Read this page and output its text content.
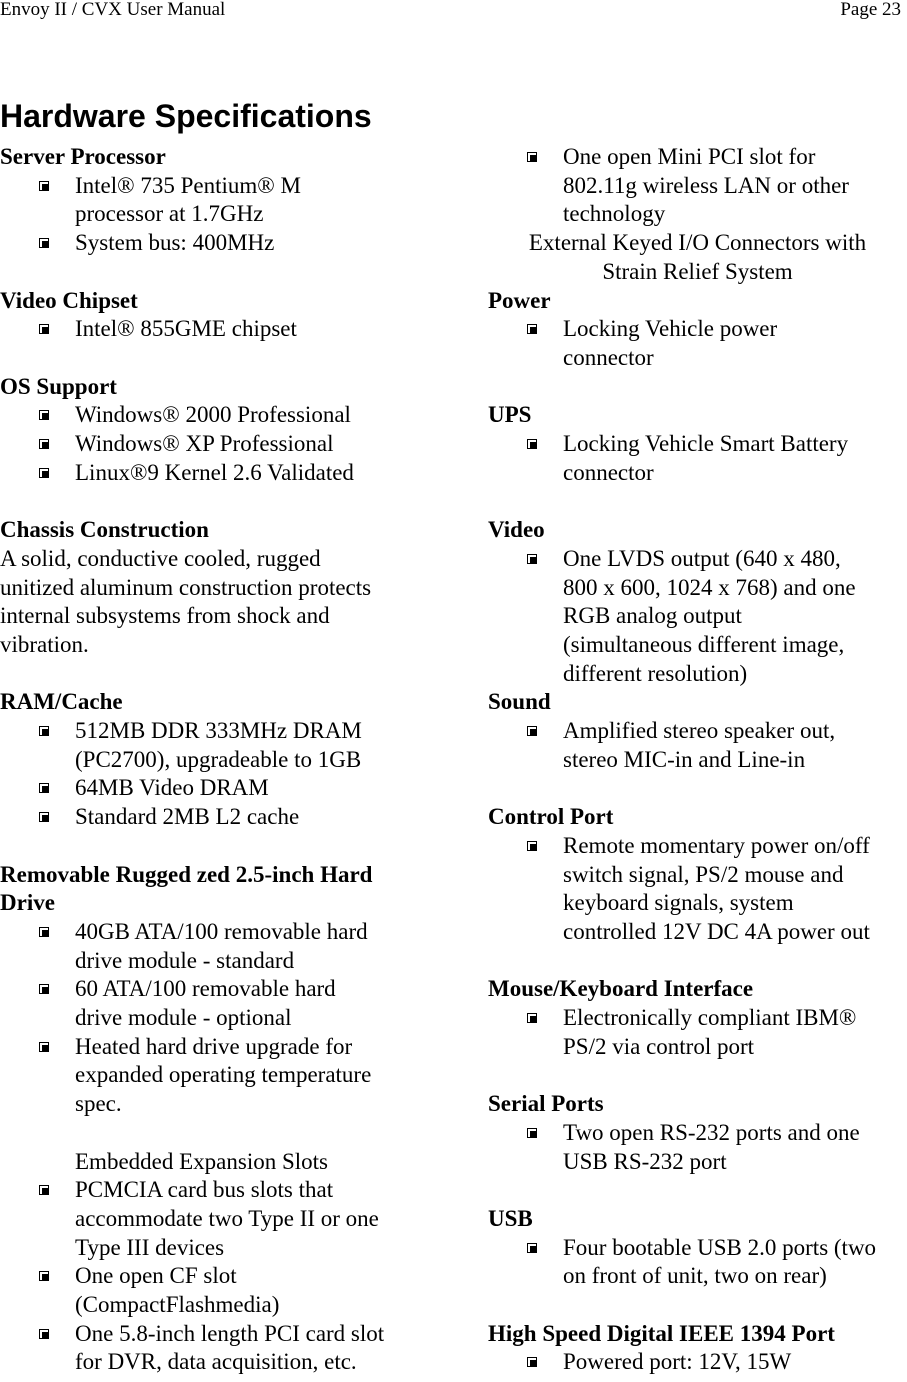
Envoy II / CVX User Manual	Page 23
Hardware Specifications
Server Processor
Intel® 735 Pentium® M
processor at 1.7GHz
System bus: 400MHz
Video Chipset
Intel® 855GME chipset
OS Support
Windows® 2000 Professional
Windows® XP Professional
Linux®9 Kernel 2.6 Validated
Chassis Construction
A solid, conductive cooled, rugged
unitized aluminum construction protects
internal subsystems from shock and
vibration.
RAM/Cache
512MB DDR 333MHz DRAM
(PC2700), upgradeable to 1GB
64MB Video DRAM
Standard 2MB L2 cache
Removable Rugged zed 2.5-inch Hard
Drive
40GB ATA/100 removable hard
drive module - standard
60 ATA/100 removable hard
drive module - optional
Heated hard drive upgrade for
expanded operating temperature
spec.
Embedded Expansion Slots
PCMCIA card bus slots that
accommodate two Type II or one
Type III devices
One open CF slot
(CompactFlashmedia)
One 5.8-inch length PCI card slot
for DVR, data acquisition, etc.
One open Mini PCI slot for
802.11g wireless LAN or other
technology
External Keyed I/O Connectors with
Strain Relief System
Power
Locking Vehicle power
connector
UPS
Locking Vehicle Smart Battery
connector
Video
One LVDS output (640 x 480,
800 x 600, 1024 x 768) and one
RGB analog output
(simultaneous different image,
different resolution)
Sound
Amplified stereo speaker out,
stereo MIC-in and Line-in
Control Port
Remote momentary power on/off
switch signal, PS/2 mouse and
keyboard signals, system
controlled 12V DC 4A power out
Mouse/Keyboard Interface
Electronically compliant IBM®
PS/2 via control port
Serial Ports
Two open RS-232 ports and one
USB RS-232 port
USB
Four bootable USB 2.0 ports (two
on front of unit, two on rear)
High Speed Digital IEEE 1394 Port
Powered port: 12V, 15W
